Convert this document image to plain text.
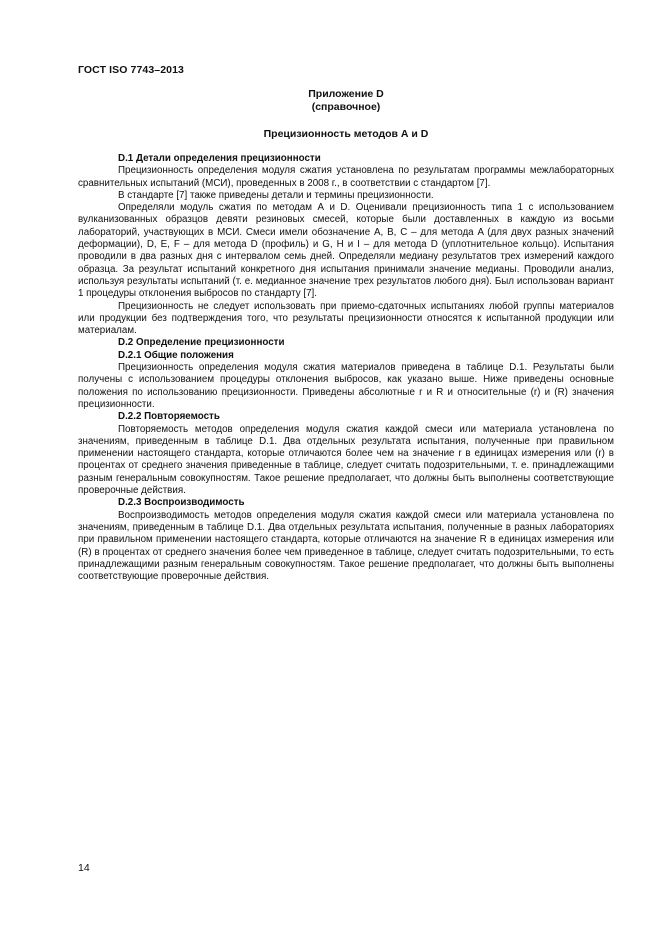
ГОСТ ISO 7743–2013
Приложение D
(справочное)
Прецизионность методов А и D
D.1 Детали определения прецизионности

Прецизионность определения модуля сжатия установлена по результатам программы межлабораторных сравнительных испытаний (МСИ), проведенных в 2008 г., в соответствии с стандартом [7].

В стандарте [7] также приведены детали и термины прецизионности.

Определяли модуль сжатия по методам А и D. Оценивали прецизионность типа 1 с использованием вулканизованных образцов девяти резиновых смесей, которые были доставленных в каждую из восьми лабораторий, участвующих в МСИ. Смеси имели обозначение А, B, C – для метода A (для двух разных значений деформации), D, E, F – для метода D (профиль) и G, H и I – для метода D (уплотнительное кольцо). Испытания проводили в два разных дня с интервалом семь дней. Определяли медиану результатов трех измерений каждого образца. За результат испытаний конкретного дня испытания принимали значение медианы. Проводили анализ, используя результаты испытаний (т. е. медианное значение трех результатов любого дня). Был использован вариант 1 процедуры отклонения выбросов по стандарту [7].

Прецизионность не следует использовать при приемо-сдаточных испытаниях любой группы материалов или продукции без подтверждения того, что результаты прецизионности относятся к испытанной продукции или материалам.

D.2 Определение прецизионности
D.2.1 Общие положения

Прецизионность определения модуля сжатия материалов приведена в таблице D.1. Результаты были получены с использованием процедуры отклонения выбросов, как указано выше. Ниже приведены основные положения по использованию прецизионности. Приведены абсолютные r и R и относительные (r) и (R) значения прецизионности.

D.2.2 Повторяемость

Повторяемость методов определения модуля сжатия каждой смеси или материала установлена по значениям, приведенным в таблице D.1. Два отдельных результата испытания, полученные при правильном применении настоящего стандарта, которые отличаются более чем на значение r в единицах измерения или (r) в процентах от среднего значения приведенные в таблице, следует считать подозрительными, т. е. принадлежащими разным генеральным совокупностям. Такое решение предполагает, что должны быть выполнены соответствующие проверочные действия.

D.2.3 Воспроизводимость

Воспроизводимость методов определения модуля сжатия каждой смеси или материала установлена по значениям, приведенным в таблице D.1. Два отдельных результата испытания, полученные в разных лабораториях при правильном применении настоящего стандарта, которые отличаются на значение R в единицах измерения или (R) в процентах от среднего значения более чем приведенное в таблице, следует считать подозрительными, то есть принадлежащими разным генеральным совокупностям. Такое решение предполагает, что должны быть выполнены соответствующие проверочные действия.

14
